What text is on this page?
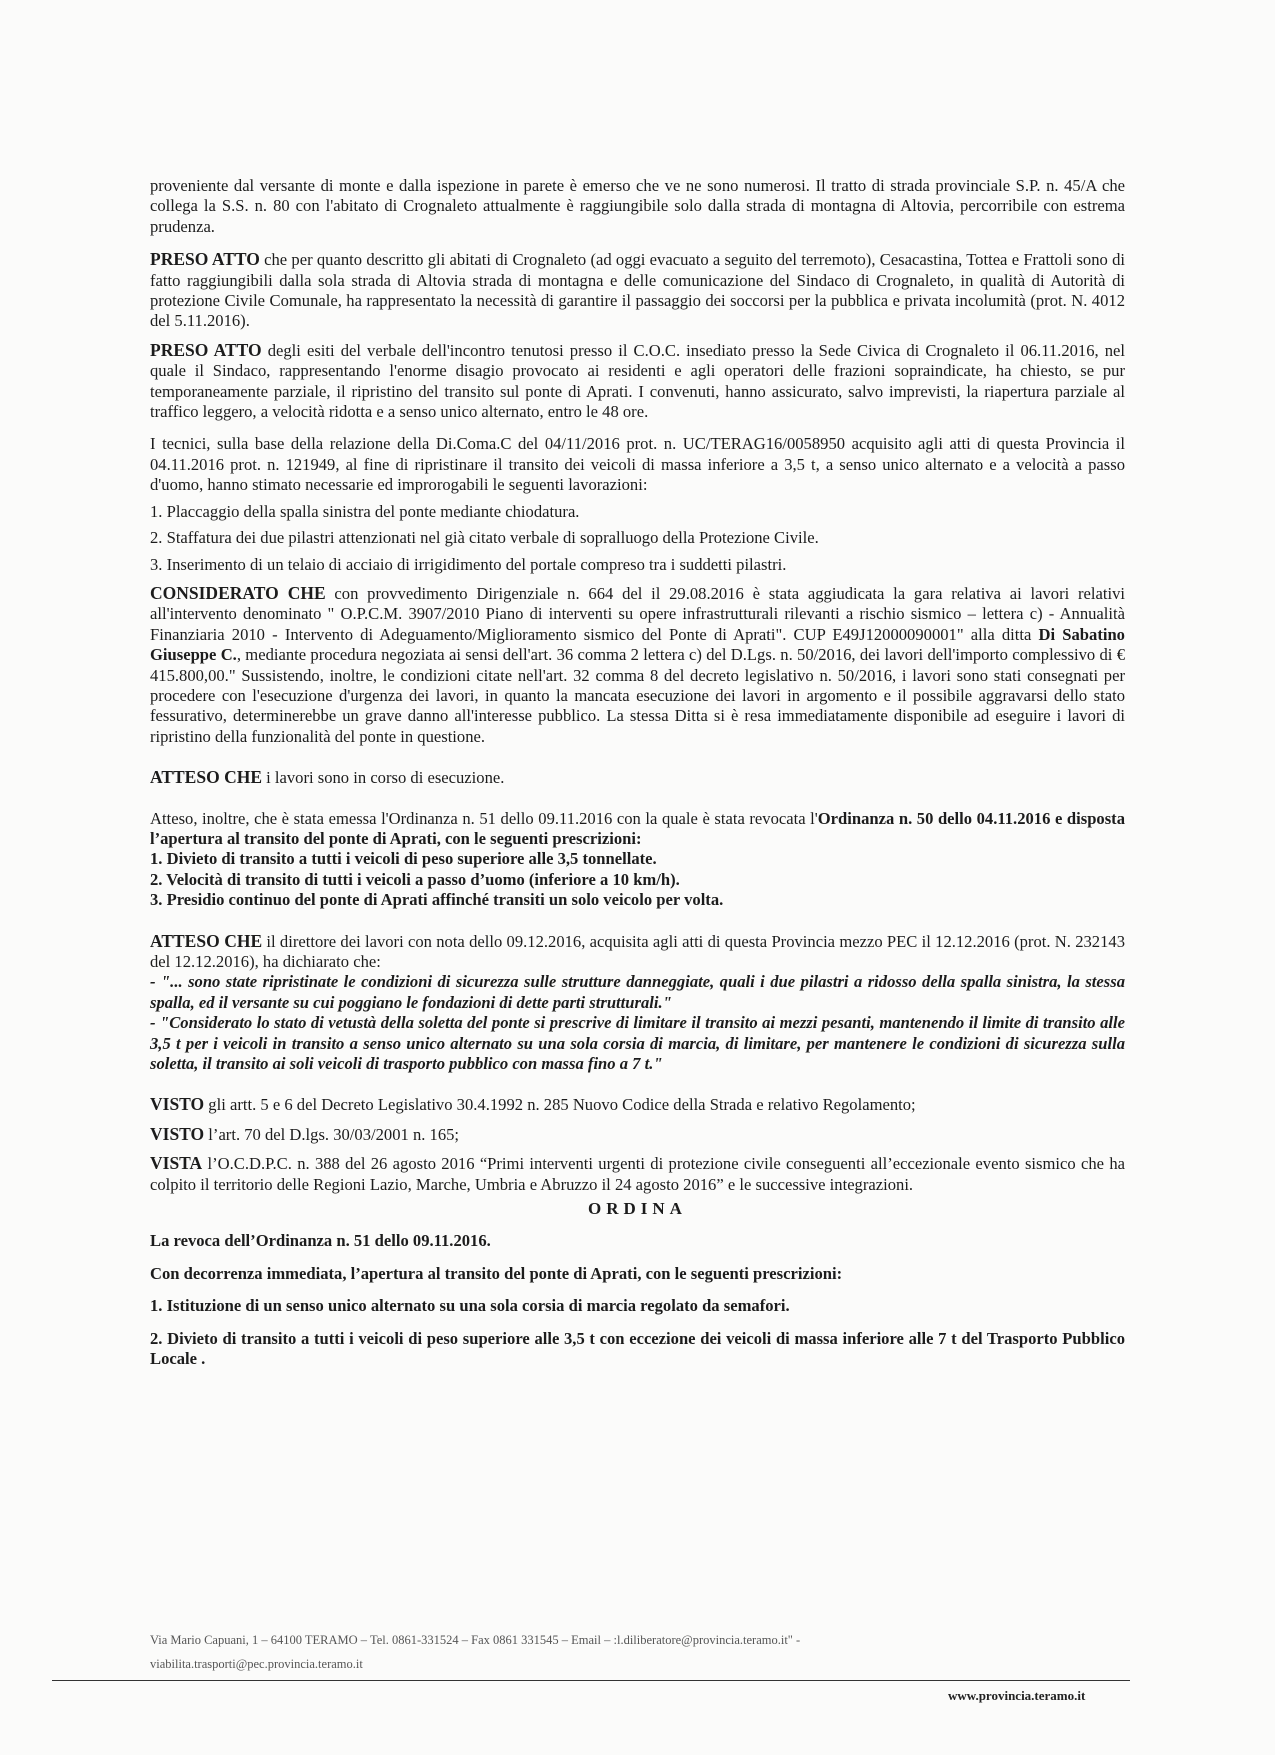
proveniente dal versante di monte e dalla ispezione in parete è emerso che ve ne sono numerosi. Il tratto di strada provinciale S.P. n. 45/A che collega la S.S. n. 80 con l'abitato di Crognaleto attualmente è raggiungibile solo dalla strada di montagna di Altovia, percorribile con estrema prudenza.

PRESO ATTO che per quanto descritto gli abitati di Crognaleto (ad oggi evacuato a seguito del terremoto), Cesacastina, Tottea e Frattoli sono di fatto raggiungibili dalla sola strada di Altovia strada di montagna e delle comunicazione del Sindaco di Crognaleto, in qualità di Autorità di protezione Civile Comunale, ha rappresentato la necessità di garantire il passaggio dei soccorsi per la pubblica e privata incolumità (prot. N. 4012 del 5.11.2016).

PRESO ATTO degli esiti del verbale dell'incontro tenutosi presso il C.O.C. insediato presso la Sede Civica di Crognaleto il 06.11.2016, nel quale il Sindaco, rappresentando l'enorme disagio provocato ai residenti e agli operatori delle frazioni sopraindicate, ha chiesto, se pur temporaneamente parziale, il ripristino del transito sul ponte di Aprati. I convenuti, hanno assicurato, salvo imprevisti, la riapertura parziale al traffico leggero, a velocità ridotta e a senso unico alternato, entro le 48 ore.

I tecnici, sulla base della relazione della Di.Coma.C del 04/11/2016 prot. n. UC/TERAG16/0058950 acquisito agli atti di questa Provincia il 04.11.2016 prot. n. 121949, al fine di ripristinare il transito dei veicoli di massa inferiore a 3,5 t, a senso unico alternato e a velocità a passo d'uomo, hanno stimato necessarie ed improrogabili le seguenti lavorazioni:

1. Placcaggio della spalla sinistra del ponte mediante chiodatura.

2. Staffatura dei due pilastri attenzionati nel già citato verbale di sopralluogo della Protezione Civile.

3. Inserimento di un telaio di acciaio di irrigidimento del portale compreso tra i suddetti pilastri.

CONSIDERATO CHE con provvedimento Dirigenziale n. 664 del il 29.08.2016 è stata aggiudicata la gara relativa ai lavori relativi all'intervento denominato " O.P.C.M. 3907/2010 Piano di interventi su opere infrastrutturali rilevanti a rischio sismico – lettera c) - Annualità Finanziaria 2010 - Intervento di Adeguamento/Miglioramento sismico del Ponte di Aprati". CUP E49J12000090001" alla ditta Di Sabatino Giuseppe C., mediante procedura negoziata ai sensi dell'art. 36 comma 2 lettera c) del D.Lgs. n. 50/2016, dei lavori dell'importo complessivo di € 415.800,00." Sussistendo, inoltre, le condizioni citate nell'art. 32 comma 8 del decreto legislativo n. 50/2016, i lavori sono stati consegnati per procedere con l'esecuzione d'urgenza dei lavori, in quanto la mancata esecuzione dei lavori in argomento e il possibile aggravarsi dello stato fessurativo, determinerebbe un grave danno all'interesse pubblico. La stessa Ditta si è resa immediatamente disponibile ad eseguire i lavori di ripristino della funzionalità del ponte in questione.

ATTESO CHE i lavori sono in corso di esecuzione.

Atteso, inoltre, che è stata emessa l'Ordinanza n. 51 dello 09.11.2016 con la quale è stata revocata l'Ordinanza n. 50 dello 04.11.2016 e disposta l’apertura al transito del ponte di Aprati, con le seguenti prescrizioni:

1. Divieto di transito a tutti i veicoli di peso superiore alle 3,5 tonnellate.

2. Velocità di transito di tutti i veicoli a passo d’uomo (inferiore a 10 km/h).

3. Presidio continuo del ponte di Aprati affinché transiti un solo veicolo per volta.

ATTESO CHE il direttore dei lavori con nota dello 09.12.2016, acquisita agli atti di questa Provincia mezzo PEC il 12.12.2016 (prot. N. 232143 del 12.12.2016), ha dichiarato che:

- "... sono state ripristinate le condizioni di sicurezza sulle strutture danneggiate, quali i due pilastri a ridosso della spalla sinistra, la stessa spalla, ed il versante su cui poggiano le fondazioni di dette parti strutturali."

- "Considerato lo stato di vetustà della soletta del ponte si prescrive di limitare il transito ai mezzi pesanti, mantenendo il limite di transito alle 3,5 t per i veicoli in transito a senso unico alternato su una sola corsia di marcia, di limitare, per mantenere le condizioni di sicurezza sulla soletta, il transito ai soli veicoli di trasporto pubblico con massa fino a 7 t."

VISTO gli artt. 5 e 6 del Decreto Legislativo 30.4.1992 n. 285 Nuovo Codice della Strada e relativo Regolamento;

VISTO l’art. 70 del D.lgs. 30/03/2001 n. 165;

VISTA l’O.C.D.P.C. n. 388 del 26 agosto 2016 “Primi interventi urgenti di protezione civile conseguenti all’eccezionale evento sismico che ha colpito il territorio delle Regioni Lazio, Marche, Umbria e Abruzzo il 24 agosto 2016” e le successive integrazioni.

ORDINA

La revoca dell’Ordinanza n. 51 dello 09.11.2016.

Con decorrenza immediata, l’apertura al transito del ponte di Aprati, con le seguenti prescrizioni:

1. Istituzione di un senso unico alternato su una sola corsia di marcia regolato da semafori.

2. Divieto di transito a tutti i veicoli di peso superiore alle 3,5 t con eccezione dei veicoli di massa inferiore alle 7 t del Trasporto Pubblico Locale .

Via Mario Capuani, 1 – 64100 TERAMO – Tel. 0861-331524 – Fax 0861 331545 – Email – :l.diliberatore@provincia.teramo.it" -
viabilita.trasporti@pec.provincia.teramo.it
www.provincia.teramo.it
